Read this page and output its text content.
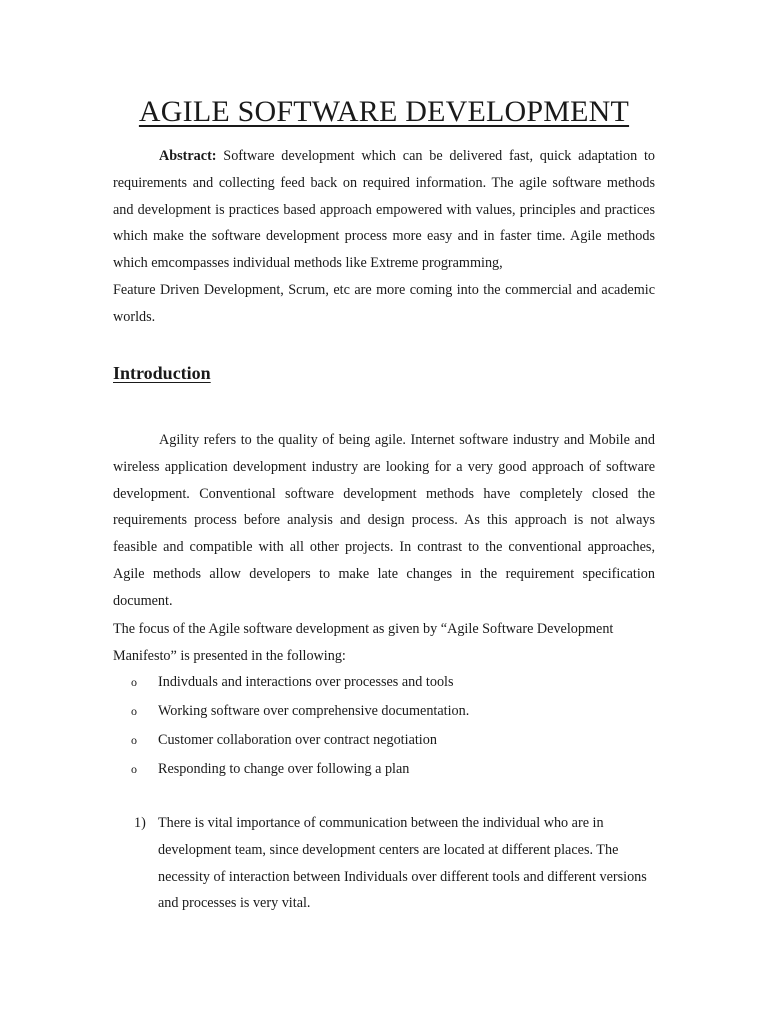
AGILE SOFTWARE DEVELOPMENT
Abstract: Software development which can be delivered fast, quick adaptation to requirements and collecting feed back on required information. The agile software methods and development is practices based approach empowered with values, principles and practices which make the software development process more easy and in faster time. Agile methods which emcompasses individual methods like Extreme programming,
Feature Driven Development, Scrum, etc are more coming into the commercial and academic worlds.
Introduction
Agility refers to the quality of being agile. Internet software industry and Mobile and wireless application development industry are looking for a very good approach of software development. Conventional software development methods have completely closed the requirements process before analysis and design process. As this approach is not always feasible and compatible with all other projects. In contrast to the conventional approaches, Agile methods allow developers to make late changes in the requirement specification document.
The focus of the Agile software development as given by “Agile Software Development Manifesto” is presented in the following:
o Indivduals and interactions over processes and tools
o Working software over comprehensive documentation.
o Customer collaboration over contract negotiation
o Responding to change over following a plan
1) There is vital importance of communication between the individual who are in development team, since development centers are located at different places. The necessity of interaction between Individuals over different tools and different versions and processes is very vital.
